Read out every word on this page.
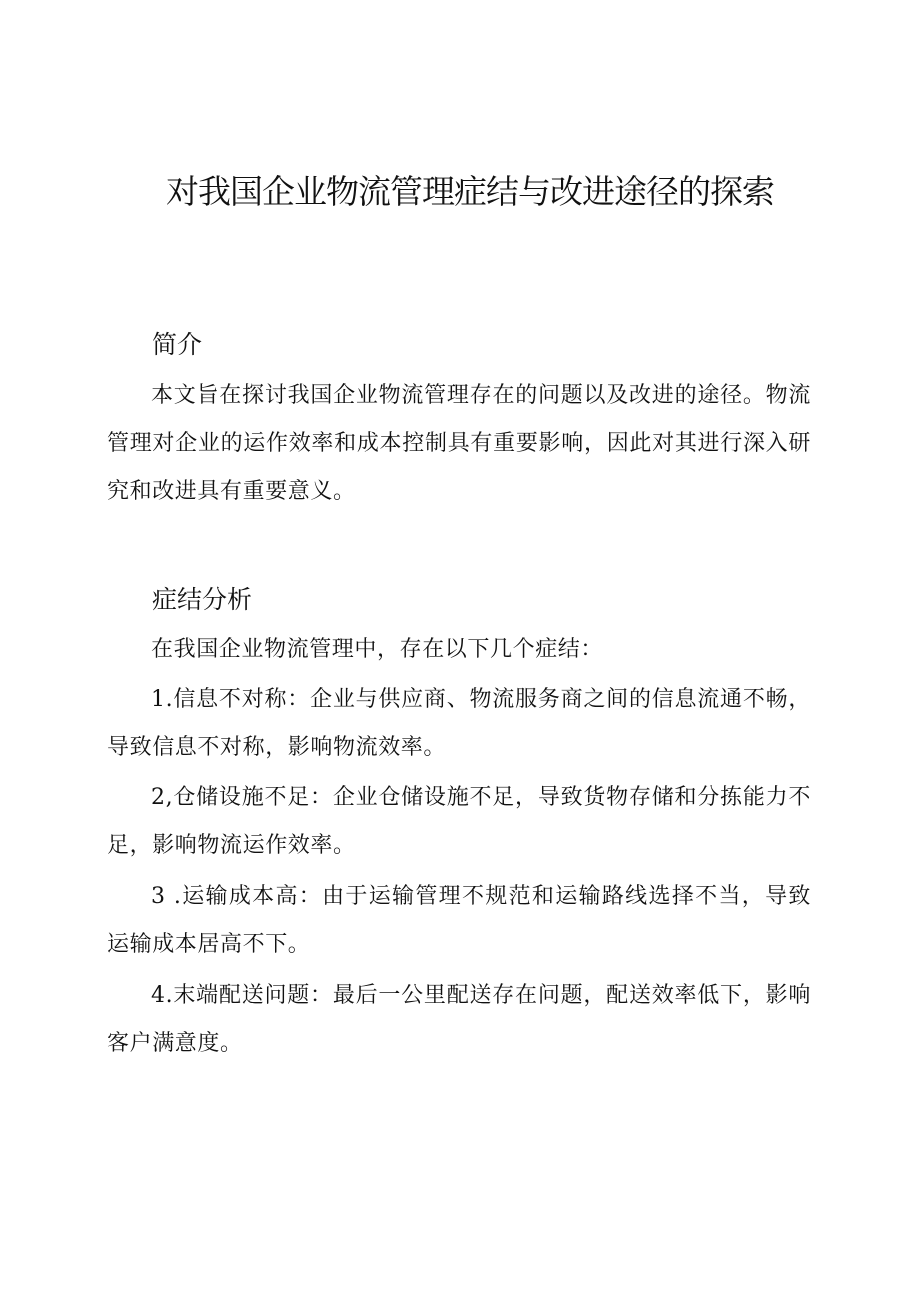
对我国企业物流管理症结与改进途径的探索
简介

本文旨在探讨我国企业物流管理存在的问题以及改进的途径。物流管理对企业的运作效率和成本控制具有重要影响，因此对其进行深入研究和改进具有重要意义。

症结分析

在我国企业物流管理中，存在以下几个症结：

1.信息不对称：企业与供应商、物流服务商之间的信息流通不畅，导致信息不对称，影响物流效率。

2,仓储设施不足：企业仓储设施不足，导致货物存储和分拣能力不足，影响物流运作效率。

3 .运输成本高：由于运输管理不规范和运输路线选择不当，导致运输成本居高不下。

4.末端配送问题：最后一公里配送存在问题，配送效率低下，影响客户满意度。
